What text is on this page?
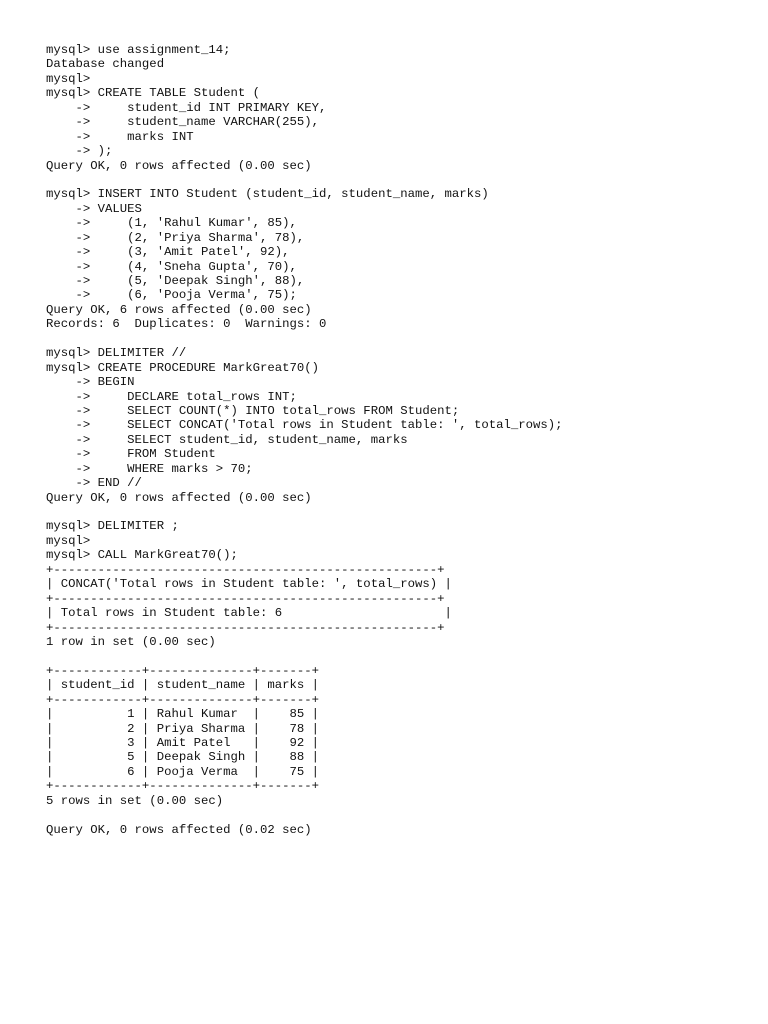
mysql> use assignment_14;
Database changed
mysql>
mysql> CREATE TABLE Student (
->     student_id INT PRIMARY KEY,
->     student_name VARCHAR(255),
->     marks INT
-> );
Query OK, 0 rows affected (0.00 sec)
mysql> INSERT INTO Student (student_id, student_name, marks)
-> VALUES
->     (1, 'Rahul Kumar', 85),
->     (2, 'Priya Sharma', 78),
->     (3, 'Amit Patel', 92),
->     (4, 'Sneha Gupta', 70),
->     (5, 'Deepak Singh', 88),
->     (6, 'Pooja Verma', 75);
Query OK, 6 rows affected (0.00 sec)
Records: 6  Duplicates: 0  Warnings: 0
mysql> DELIMITER //
mysql> CREATE PROCEDURE MarkGreat70()
-> BEGIN
->     DECLARE total_rows INT;
->     SELECT COUNT(*) INTO total_rows FROM Student;
->     SELECT CONCAT('Total rows in Student table: ', total_rows);
->     SELECT student_id, student_name, marks
->     FROM Student
->     WHERE marks > 70;
-> END //
Query OK, 0 rows affected (0.00 sec)
mysql> DELIMITER ;
mysql>
mysql> CALL MarkGreat70();
+----------------------------------------------------+
| CONCAT('Total rows in Student table: ', total_rows) |
+----------------------------------------------------+
| Total rows in Student table: 6                      |
+----------------------------------------------------+
1 row in set (0.00 sec)
+------------+--------------+-------+
| student_id | student_name | marks |
+------------+--------------+-------+
|          1 | Rahul Kumar  |    85 |
|          2 | Priya Sharma |    78 |
|          3 | Amit Patel   |    92 |
|          5 | Deepak Singh |    88 |
|          6 | Pooja Verma  |    75 |
+------------+--------------+-------+
5 rows in set (0.00 sec)
Query OK, 0 rows affected (0.02 sec)
